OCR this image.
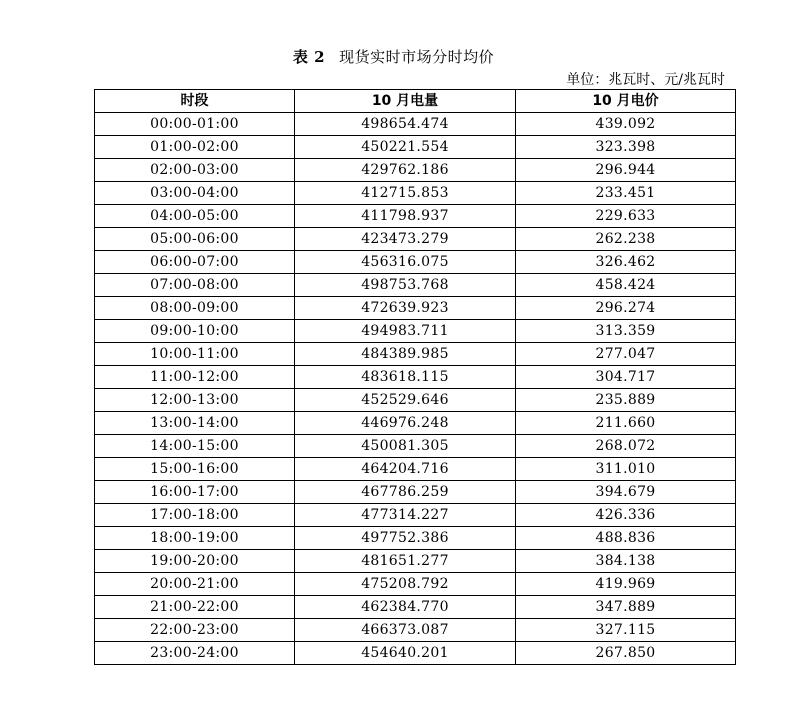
表 2 现货实时市场分时均价
单位：兆瓦时、元/兆瓦时
时段	10 月电量	10 月电价
00:00-01:00	498654.474	439.092
01:00-02:00	450221.554	323.398
02:00-03:00	429762.186	296.944
03:00-04:00	412715.853	233.451
04:00-05:00	411798.937	229.633
05:00-06:00	423473.279	262.238
06:00-07:00	456316.075	326.462
07:00-08:00	498753.768	458.424
08:00-09:00	472639.923	296.274
09:00-10:00	494983.711	313.359
10:00-11:00	484389.985	277.047
11:00-12:00	483618.115	304.717
12:00-13:00	452529.646	235.889
13:00-14:00	446976.248	211.660
14:00-15:00	450081.305	268.072
15:00-16:00	464204.716	311.010
16:00-17:00	467786.259	394.679
17:00-18:00	477314.227	426.336
18:00-19:00	497752.386	488.836
19:00-20:00	481651.277	384.138
20:00-21:00	475208.792	419.969
21:00-22:00	462384.770	347.889
22:00-23:00	466373.087	327.115
23:00-24:00	454640.201	267.850
